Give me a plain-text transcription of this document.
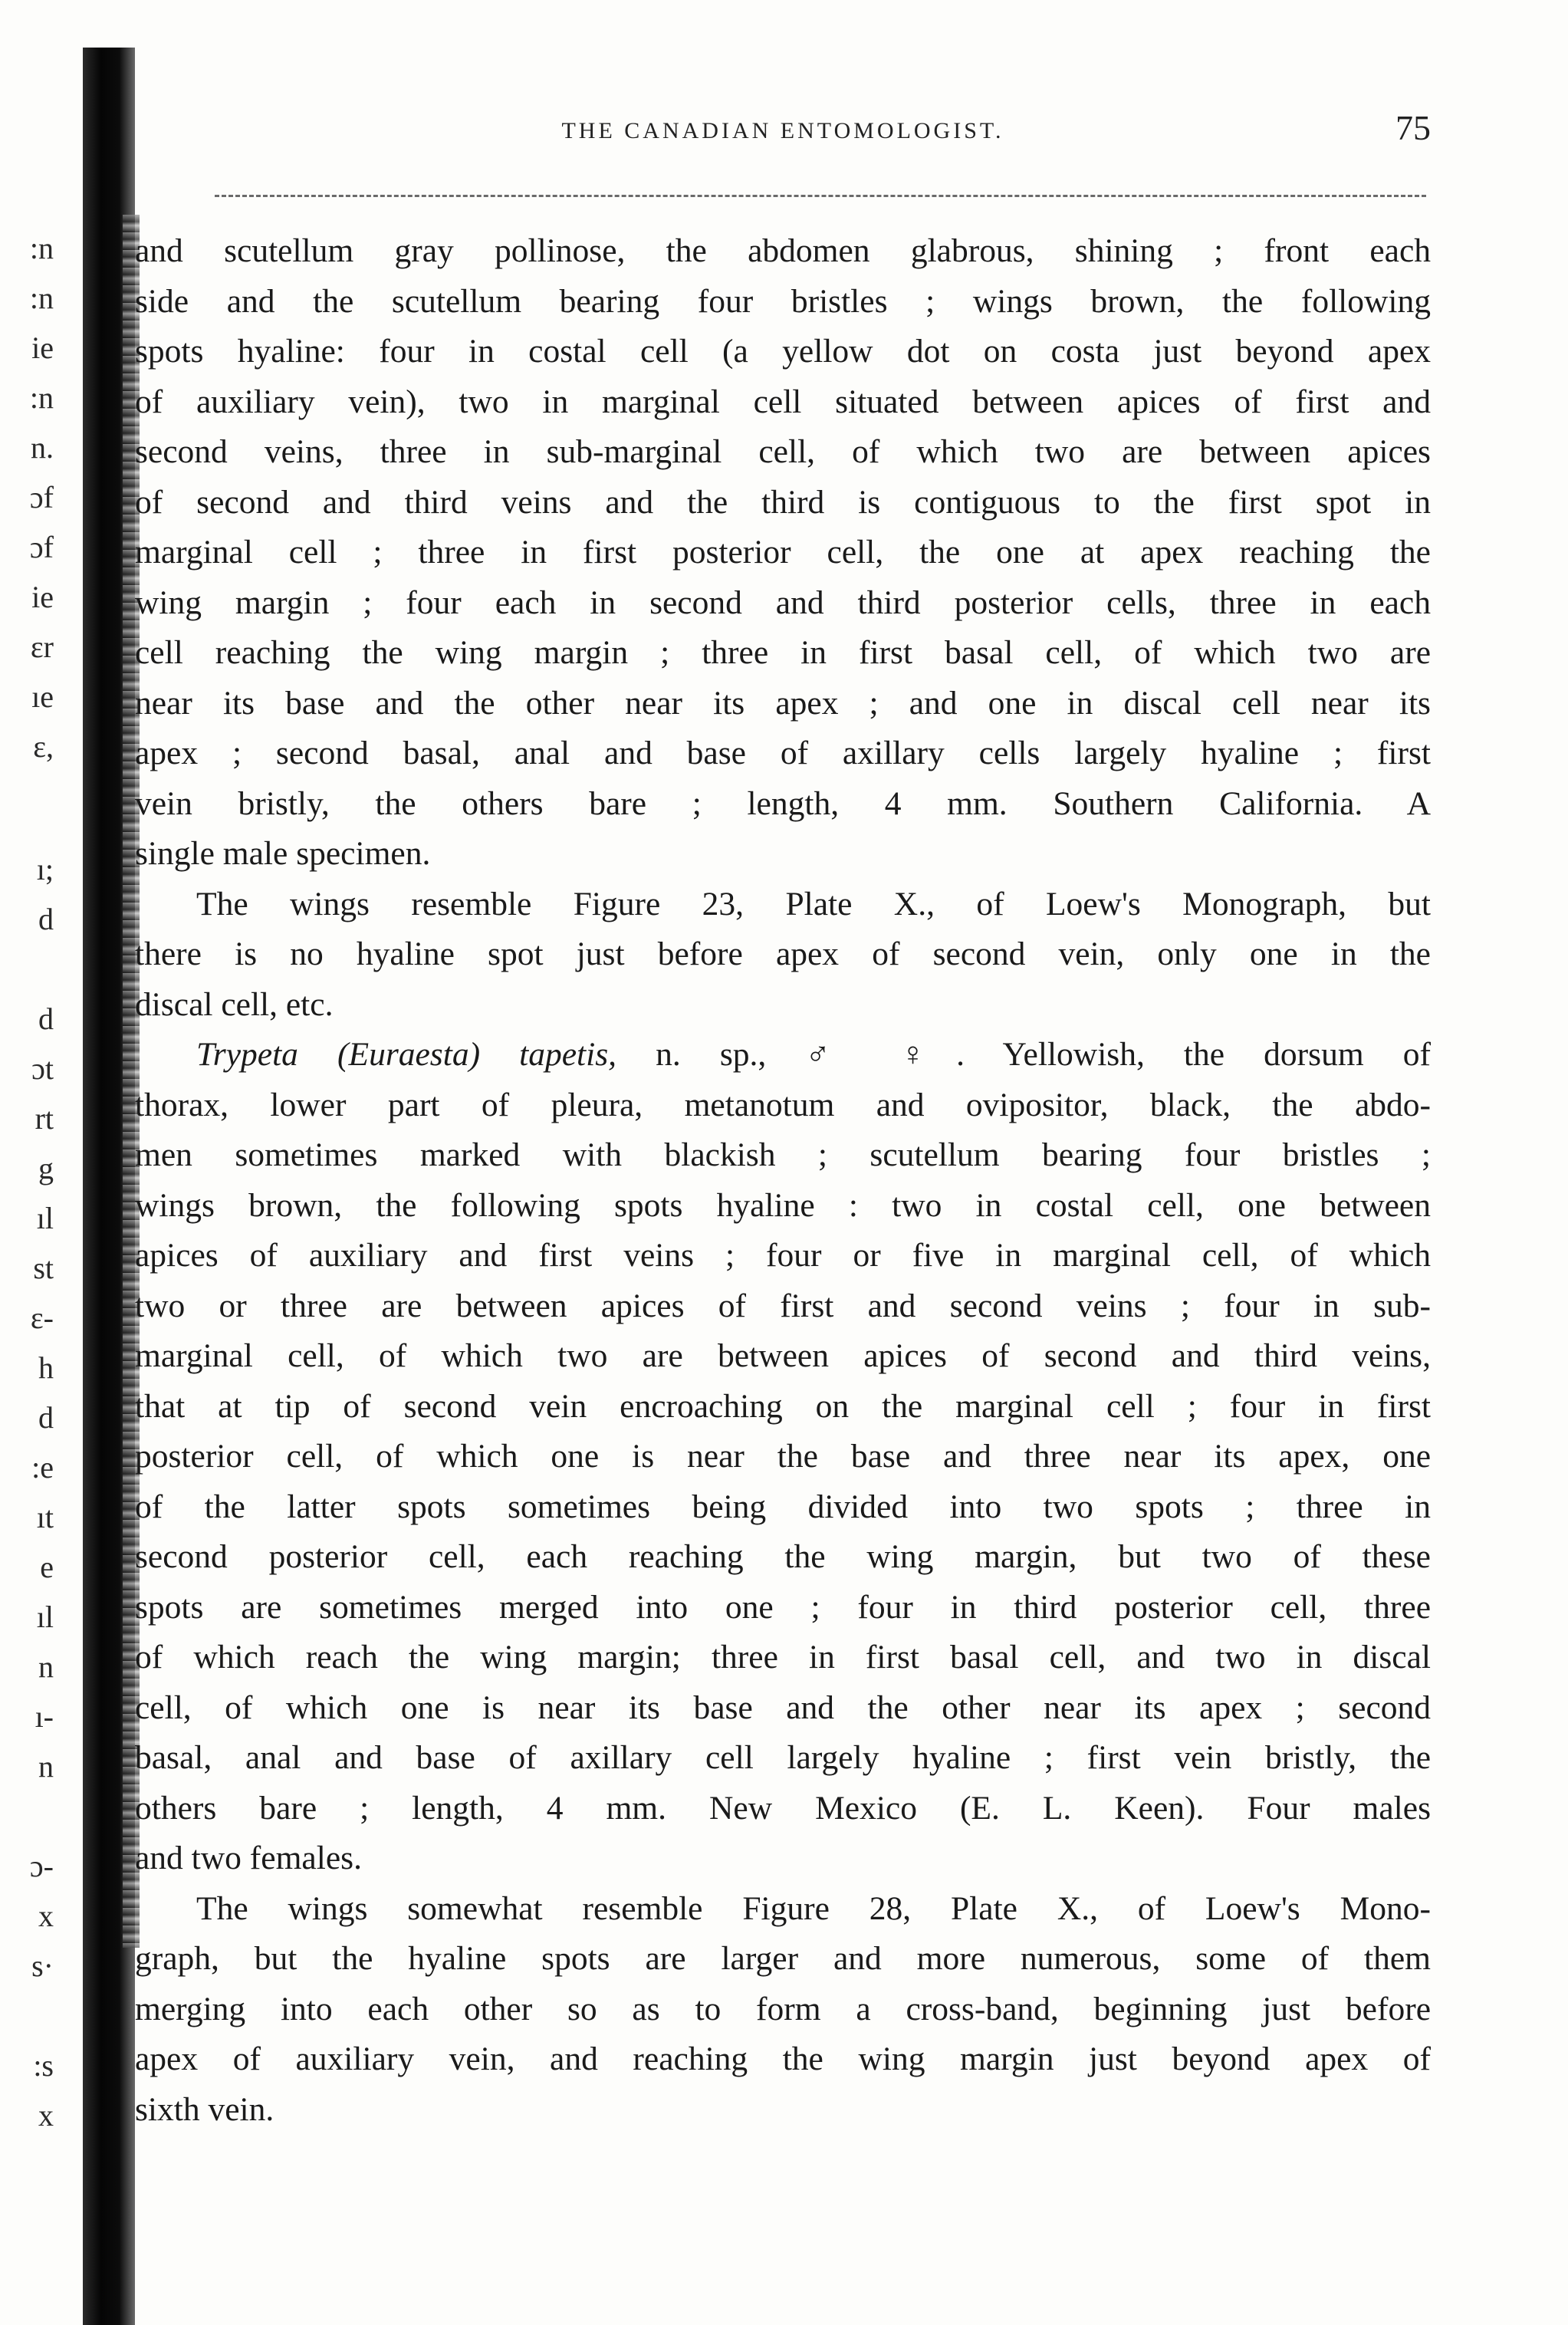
:n
:n
ie
:n
n.
ɔf
ɔf
ie
ɛr
ıe
ɛ,
ı;
d
d
ɔt
rt
g
ıl
st
ɛ-
h
d
:e
ıt
e
ıl
n
ı-
n
ɔ-
x
s·
:s
x
THE CANADIAN ENTOMOLOGIST.	75
and scutellum gray pollinose, the abdomen glabrous, shining ; front each
side and the scutellum bearing four bristles ; wings brown, the following
spots hyaline: four in costal cell (a yellow dot on costa just beyond apex
of auxiliary vein), two in marginal cell situated between apices of first and
second veins, three in sub-marginal cell, of which two are between apices
of second and third veins and the third is contiguous to the first spot in
marginal cell ; three in first posterior cell, the one at apex reaching the
wing margin ; four each in second and third posterior cells, three in each
cell reaching the wing margin ; three in first basal cell, of which two are
near its base and the other near its apex ; and one in discal cell near its
apex ; second basal, anal and base of axillary cells largely hyaline ; first
vein bristly, the others bare ; length, 4 mm. Southern California. A
single male specimen.
The wings resemble Figure 23, Plate X., of Loew's Monograph, but
there is no hyaline spot just before apex of second vein, only one in the
discal cell, etc.
Trypeta (Euraesta) tapetis, n. sp., ♂ ♀. Yellowish, the dorsum of
thorax, lower part of pleura, metanotum and ovipositor, black, the abdo-
men sometimes marked with blackish ; scutellum bearing four bristles ;
wings brown, the following spots hyaline : two in costal cell, one between
apices of auxiliary and first veins ; four or five in marginal cell, of which
two or three are between apices of first and second veins ; four in sub-
marginal cell, of which two are between apices of second and third veins,
that at tip of second vein encroaching on the marginal cell ; four in first
posterior cell, of which one is near the base and three near its apex, one
of the latter spots sometimes being divided into two spots ; three in
second posterior cell, each reaching the wing margin, but two of these
spots are sometimes merged into one ; four in third posterior cell, three
of which reach the wing margin; three in first basal cell, and two in discal
cell, of which one is near its base and the other near its apex ; second
basal, anal and base of axillary cell largely hyaline ; first vein bristly, the
others bare ; length, 4 mm. New Mexico (E. L. Keen). Four males
and two females.
The wings somewhat resemble Figure 28, Plate X., of Loew's Mono-
graph, but the hyaline spots are larger and more numerous, some of them
merging into each other so as to form a cross-band, beginning just before
apex of auxiliary vein, and reaching the wing margin just beyond apex of
sixth vein.
